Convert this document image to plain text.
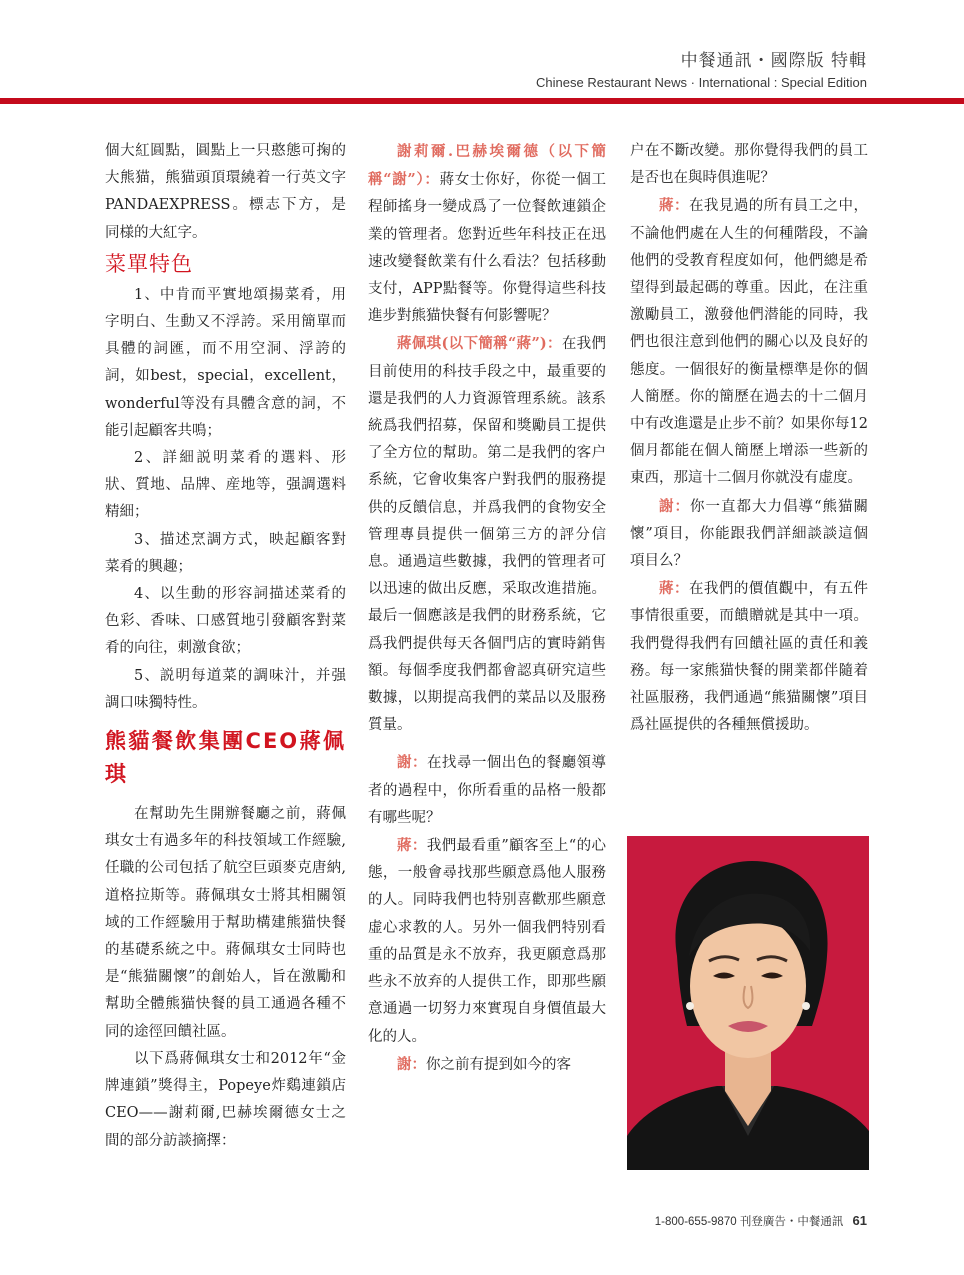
中餐通訊・國際版 特輯
Chinese Restaurant News · International : Special Edition

個大紅圓點，圓點上一只憨態可掬的大熊猫，熊猫頭頂環繞着一行英文字PANDAEXPRESS。標志下方，是同様的大紅字。

菜單特色

1、中肯而平實地頌揚菜肴，用字明白、生動又不浮誇。采用簡單而具體的詞匯，而不用空洞、浮誇的詞，如best，special，excellent，wonderful等没有具體含意的詞，不能引起顧客共鳴；

2、詳細説明菜肴的選料、形狀、質地、品牌、産地等，强調選料精細；

3、描述烹調方式，映起顧客對菜肴的興趣；

4、以生動的形容詞描述菜肴的色彩、香味、口感質地引發顧客對菜肴的向往，刺激食欲；

5、説明每道菜的調味汁，并强調口味獨特性。

熊貓餐飲集團CEO蔣佩琪

在幫助先生開辦餐廳之前，蔣佩琪女士有過多年的科技領域工作經驗,任職的公司包括了航空巨頭麥克唐納,道格拉斯等。蔣佩琪女士將其相關領域的工作經驗用于幫助構建熊猫快餐的基礎系統之中。蔣佩琪女士同時也是“熊猫關懷”的創始人，旨在激勵和幫助全體熊猫快餐的員工通過各種不同的途徑回饋社區。

以下爲蔣佩琪女士和2012年“金牌連鎖”獎得主，Popeye炸鷄連鎖店CEO——謝莉爾,巴赫埃爾德女士之間的部分訪談摘擇：

謝莉爾.巴赫埃爾德（以下簡稱“謝”）：蔣女士你好，你從一個工程師搖身一變成爲了一位餐飲連鎖企業的管理者。您對近些年科技正在迅速改變餐飲業有什么看法？包括移動支付，APP點餐等。你覺得這些科技進步對熊猫快餐有何影響呢？

蔣佩琪(以下簡稱“蔣”)：在我們目前使用的科技手段之中，最重要的還是我們的人力資源管理系統。該系統爲我們招募，保留和獎勵員工提供了全方位的幫助。第二是我們的客户系統，它會收集客户對我們的服務提供的反饋信息，并爲我們的食物安全管理專員提供一個第三方的評分信息。通過這些數據，我們的管理者可以迅速的做出反應，采取改進措施。最后一個應該是我們的財務系統，它爲我們提供每天各個門店的實時銷售額。每個季度我們都會認真研究這些數據，以期提高我們的菜品以及服務質量。

謝：在找尋一個出色的餐廳領導者的過程中，你所看重的品格一般都有哪些呢？

蔣：我們最看重”顧客至上“的心態，一般會尋找那些願意爲他人服務的人。同時我們也特别喜歡那些願意虚心求教的人。另外一個我們特别看重的品質是永不放弃，我更願意爲那些永不放弃的人提供工作，即那些願意通過一切努力來實現自身價值最大化的人。

謝：你之前有提到如今的客

户在不斷改變。那你覺得我們的員工是否也在與時俱進呢？

蔣：在我見過的所有員工之中，不論他們處在人生的何種階段，不論他們的受教育程度如何，他們總是希望得到最起碼的尊重。因此，在注重激勵員工，激發他們潜能的同時，我們也很注意到他們的關心以及良好的態度。一個很好的衡量標準是你的個人簡歷。你的簡歷在過去的十二個月中有改進還是止步不前？如果你每12個月都能在個人簡歷上增添一些新的東西，那這十二個月你就没有虚度。

謝：你一直都大力倡導“熊猫關懷”項目，你能跟我們詳細談談這個項目么？

蔣：在我們的價值觀中，有五件事情很重要，而饋贈就是其中一項。我們覺得我們有回饋社區的責任和義務。每一家熊猫快餐的開業都伴隨着社區服務，我們通過“熊猫關懷”項目爲社區提供的各種無償援助。

1-800-655-9870 刊登廣告・中餐通訊 61
